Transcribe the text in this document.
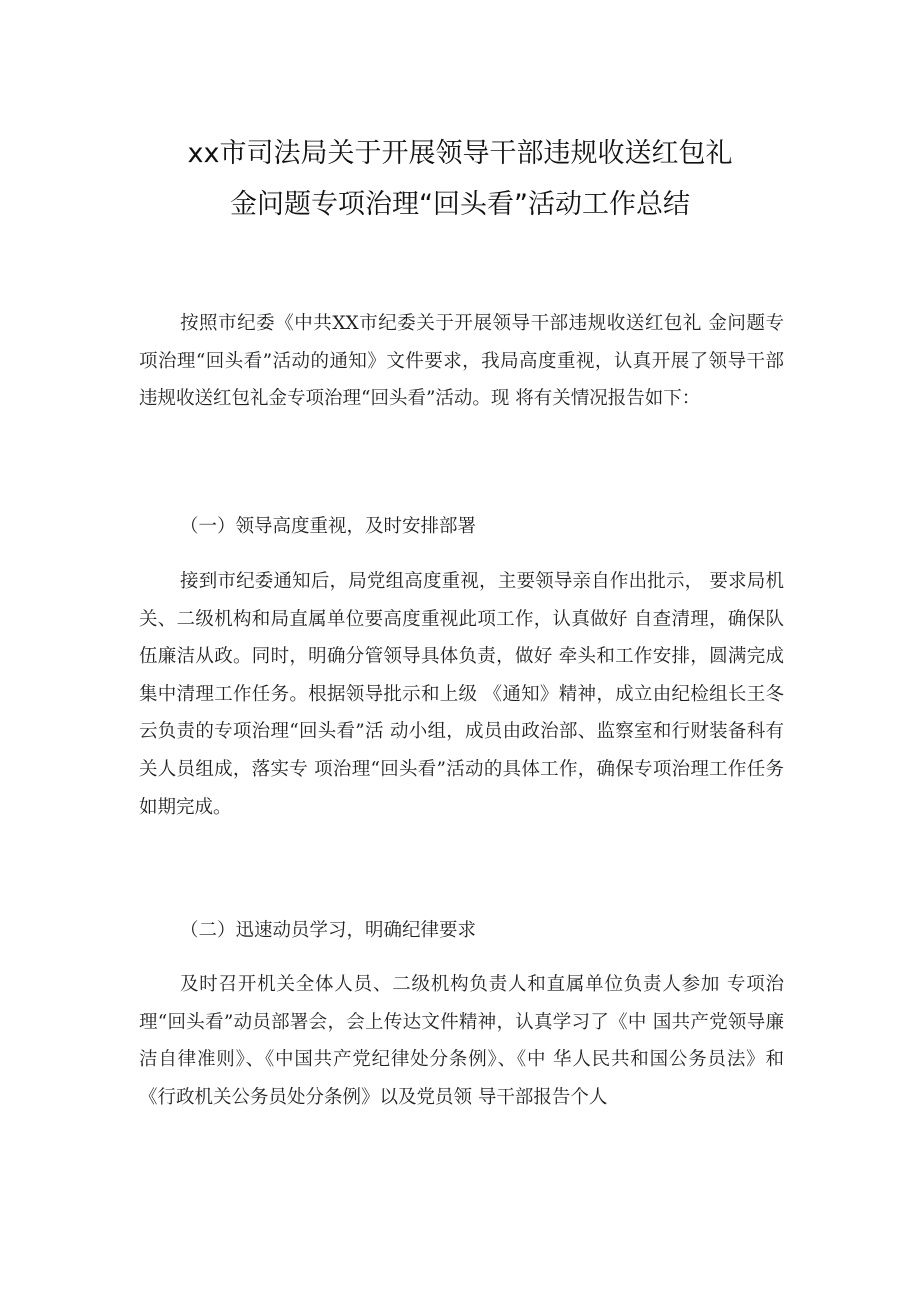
xx市司法局关于开展领导干部违规收送红包礼
金问题专项治理“回头看”活动工作总结

按照市纪委《中共XX市纪委关于开展领导干部违规收送红包礼 金问题专项治理“回头看”活动的通知》文件要求，我局高度重视，认真开展了领导干部违规收送红包礼金专项治理“回头看”活动。现 将有关情况报告如下：

（一）领导高度重视，及时安排部署

接到市纪委通知后，局党组高度重视，主要领导亲自作出批示， 要求局机关、二级机构和局直属单位要高度重视此项工作，认真做好 自查清理，确保队伍廉洁从政。同时，明确分管领导具体负责，做好 牵头和工作安排，圆满完成集中清理工作任务。根据领导批示和上级 《通知》精神，成立由纪检组长王冬云负责的专项治理“回头看”活 动小组，成员由政治部、监察室和行财装备科有关人员组成，落实专 项治理“回头看”活动的具体工作，确保专项治理工作任务如期完成。

（二）迅速动员学习，明确纪律要求

及时召开机关全体人员、二级机构负责人和直属单位负责人参加 专项治理“回头看”动员部署会，会上传达文件精神，认真学习了《中 国共产党领导廉洁自律准则》、《中国共产党纪律处分条例》、《中 华人民共和国公务员法》和《行政机关公务员处分条例》以及党员领 导干部报告个人
